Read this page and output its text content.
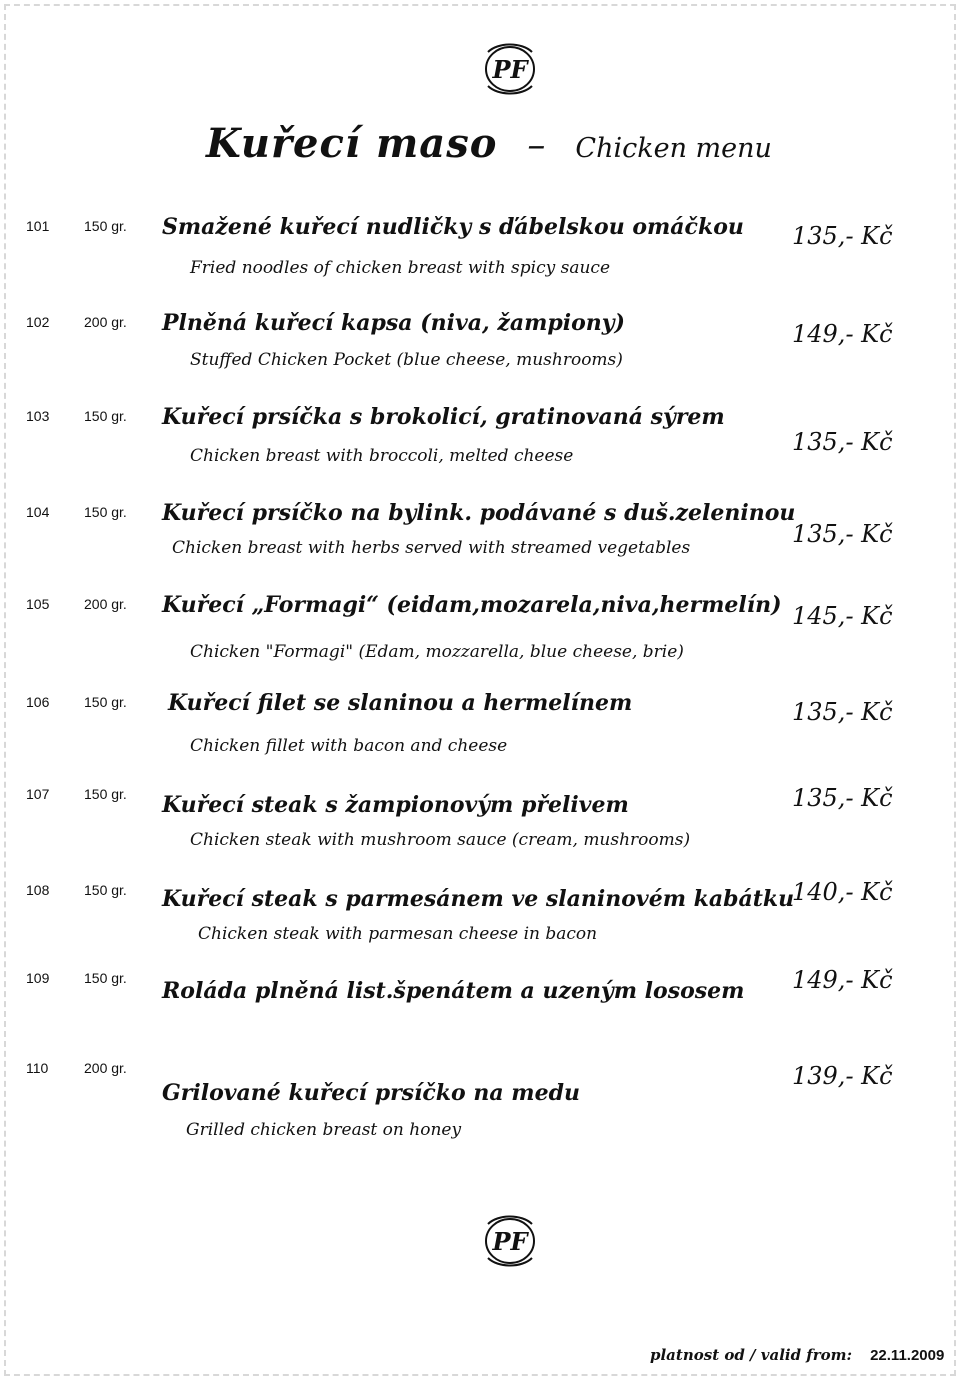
PF
Kuřecí maso – Chicken menu
101 150 gr. Smažené kuřecí nudličky s ďábelskou omáčkou
Fried noodles of chicken breast with spicy sauce
135,- Kč
102 200 gr. Plněná kuřecí kapsa (niva, žampiony)
Stuffed Chicken Pocket (blue cheese, mushrooms)
149,- Kč
103 150 gr. Kuřecí prsíčka s brokolicí, gratinovaná sýrem
Chicken breast with broccoli, melted cheese	135,- Kč
104 150 gr. Kuřecí prsíčko na bylink. podávané s duš.zeleninou
Chicken breast with herbs served with streamed vegetables	135,- Kč
105 200 gr. Kuřecí „Formagi“ (eidam,mozarela,niva,hermelín)
Chicken "Formagi" (Edam, mozzarella, blue cheese, brie)
145,- Kč
106 150 gr. Kuřecí filet se slaninou a hermelínem
Chicken fillet with bacon and cheese
135,- Kč
107 150 gr. Kuřecí steak s žampionovým přelivem
Chicken steak with mushroom sauce (cream, mushrooms)
135,- Kč
108 150 gr. Kuřecí steak s parmesánem ve slaninovém kabátku
Chicken steak with parmesan cheese in bacon
140,- Kč
109 150 gr. Roláda plněná list.špenátem a uzeným lososem 149,- Kč
110	200 gr.
Grilované kuřecí prsíčko na medu
Grilled chicken breast on honey
139,- Kč
PF
platnost od / valid from: 22.11.2009
